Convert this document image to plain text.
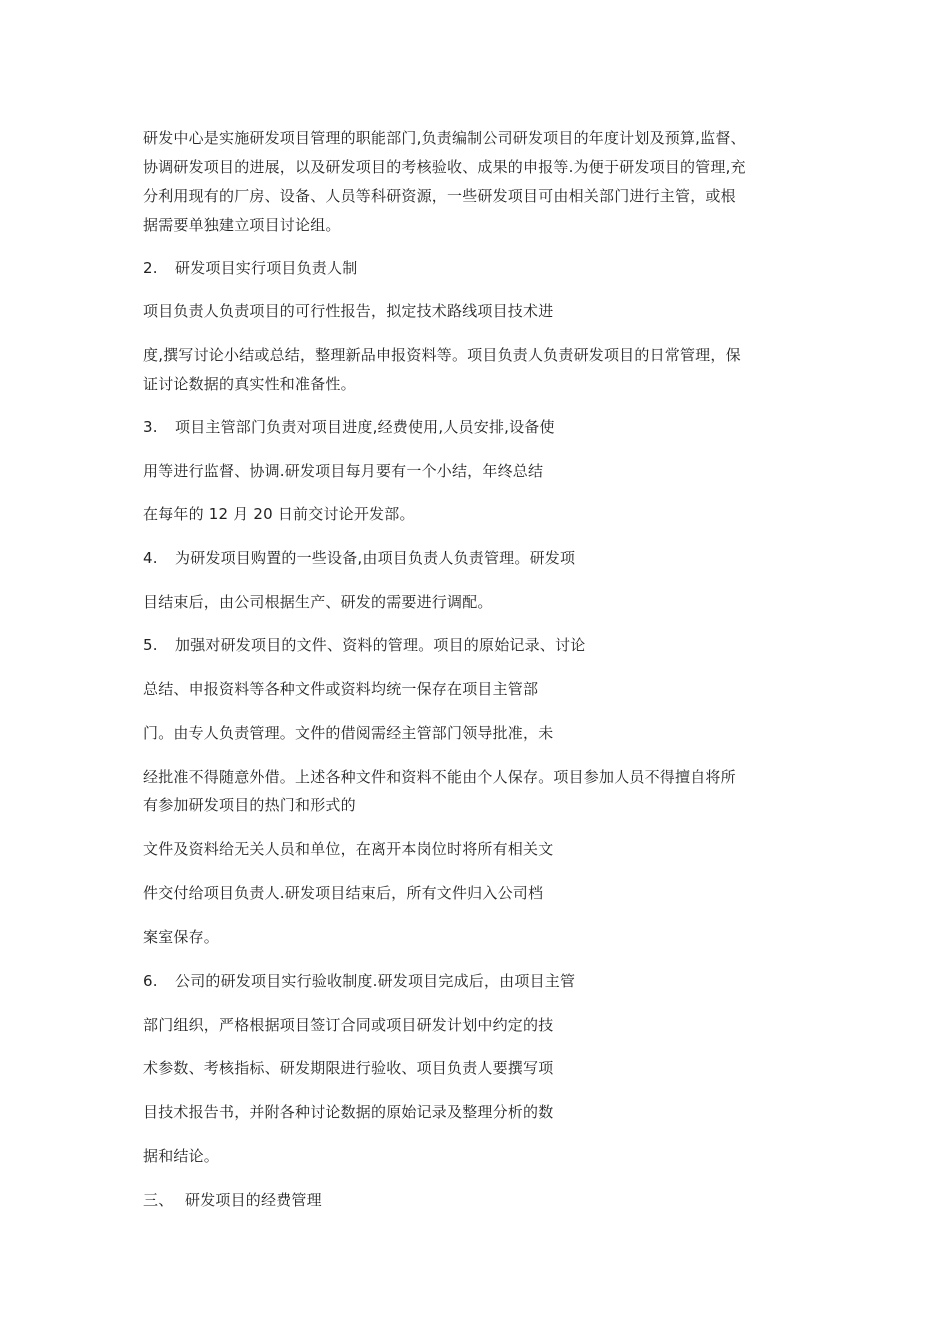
研发中心是实施研发项目管理的职能部门,负责编制公司研发项目的年度计划及预算,监督、
协调研发项目的进展，以及研发项目的考核验收、成果的申报等.为便于研发项目的管理,充
分利用现有的厂房、设备、人员等科研资源，一些研发项目可由相关部门进行主管，或根
据需要单独建立项目讨论组。
2. 研发项目实行项目负责人制
项目负责人负责项目的可行性报告，拟定技术路线项目技术进
度,撰写讨论小结或总结，整理新品申报资料等。项目负责人负责研发项目的日常管理，保
证讨论数据的真实性和准备性。
3. 项目主管部门负责对项目进度,经费使用,人员安排,设备使
用等进行监督、协调.研发项目每月要有一个小结，年终总结
在每年的 12 月 20 日前交讨论开发部。
4. 为研发项目购置的一些设备,由项目负责人负责管理。研发项
目结束后，由公司根据生产、研发的需要进行调配。
5. 加强对研发项目的文件、资料的管理。项目的原始记录、讨论
总结、申报资料等各种文件或资料均统一保存在项目主管部
门。由专人负责管理。文件的借阅需经主管部门领导批准，未
经批准不得随意外借。上述各种文件和资料不能由个人保存。项目参加人员不得擅自将所
有参加研发项目的热门和形式的
文件及资料给无关人员和单位，在离开本岗位时将所有相关文
件交付给项目负责人.研发项目结束后，所有文件归入公司档
案室保存。
6. 公司的研发项目实行验收制度.研发项目完成后，由项目主管
部门组织，严格根据项目签订合同或项目研发计划中约定的技
术参数、考核指标、研发期限进行验收、项目负责人要撰写项
目技术报告书，并附各种讨论数据的原始记录及整理分析的数
据和结论。
三、 研发项目的经费管理
